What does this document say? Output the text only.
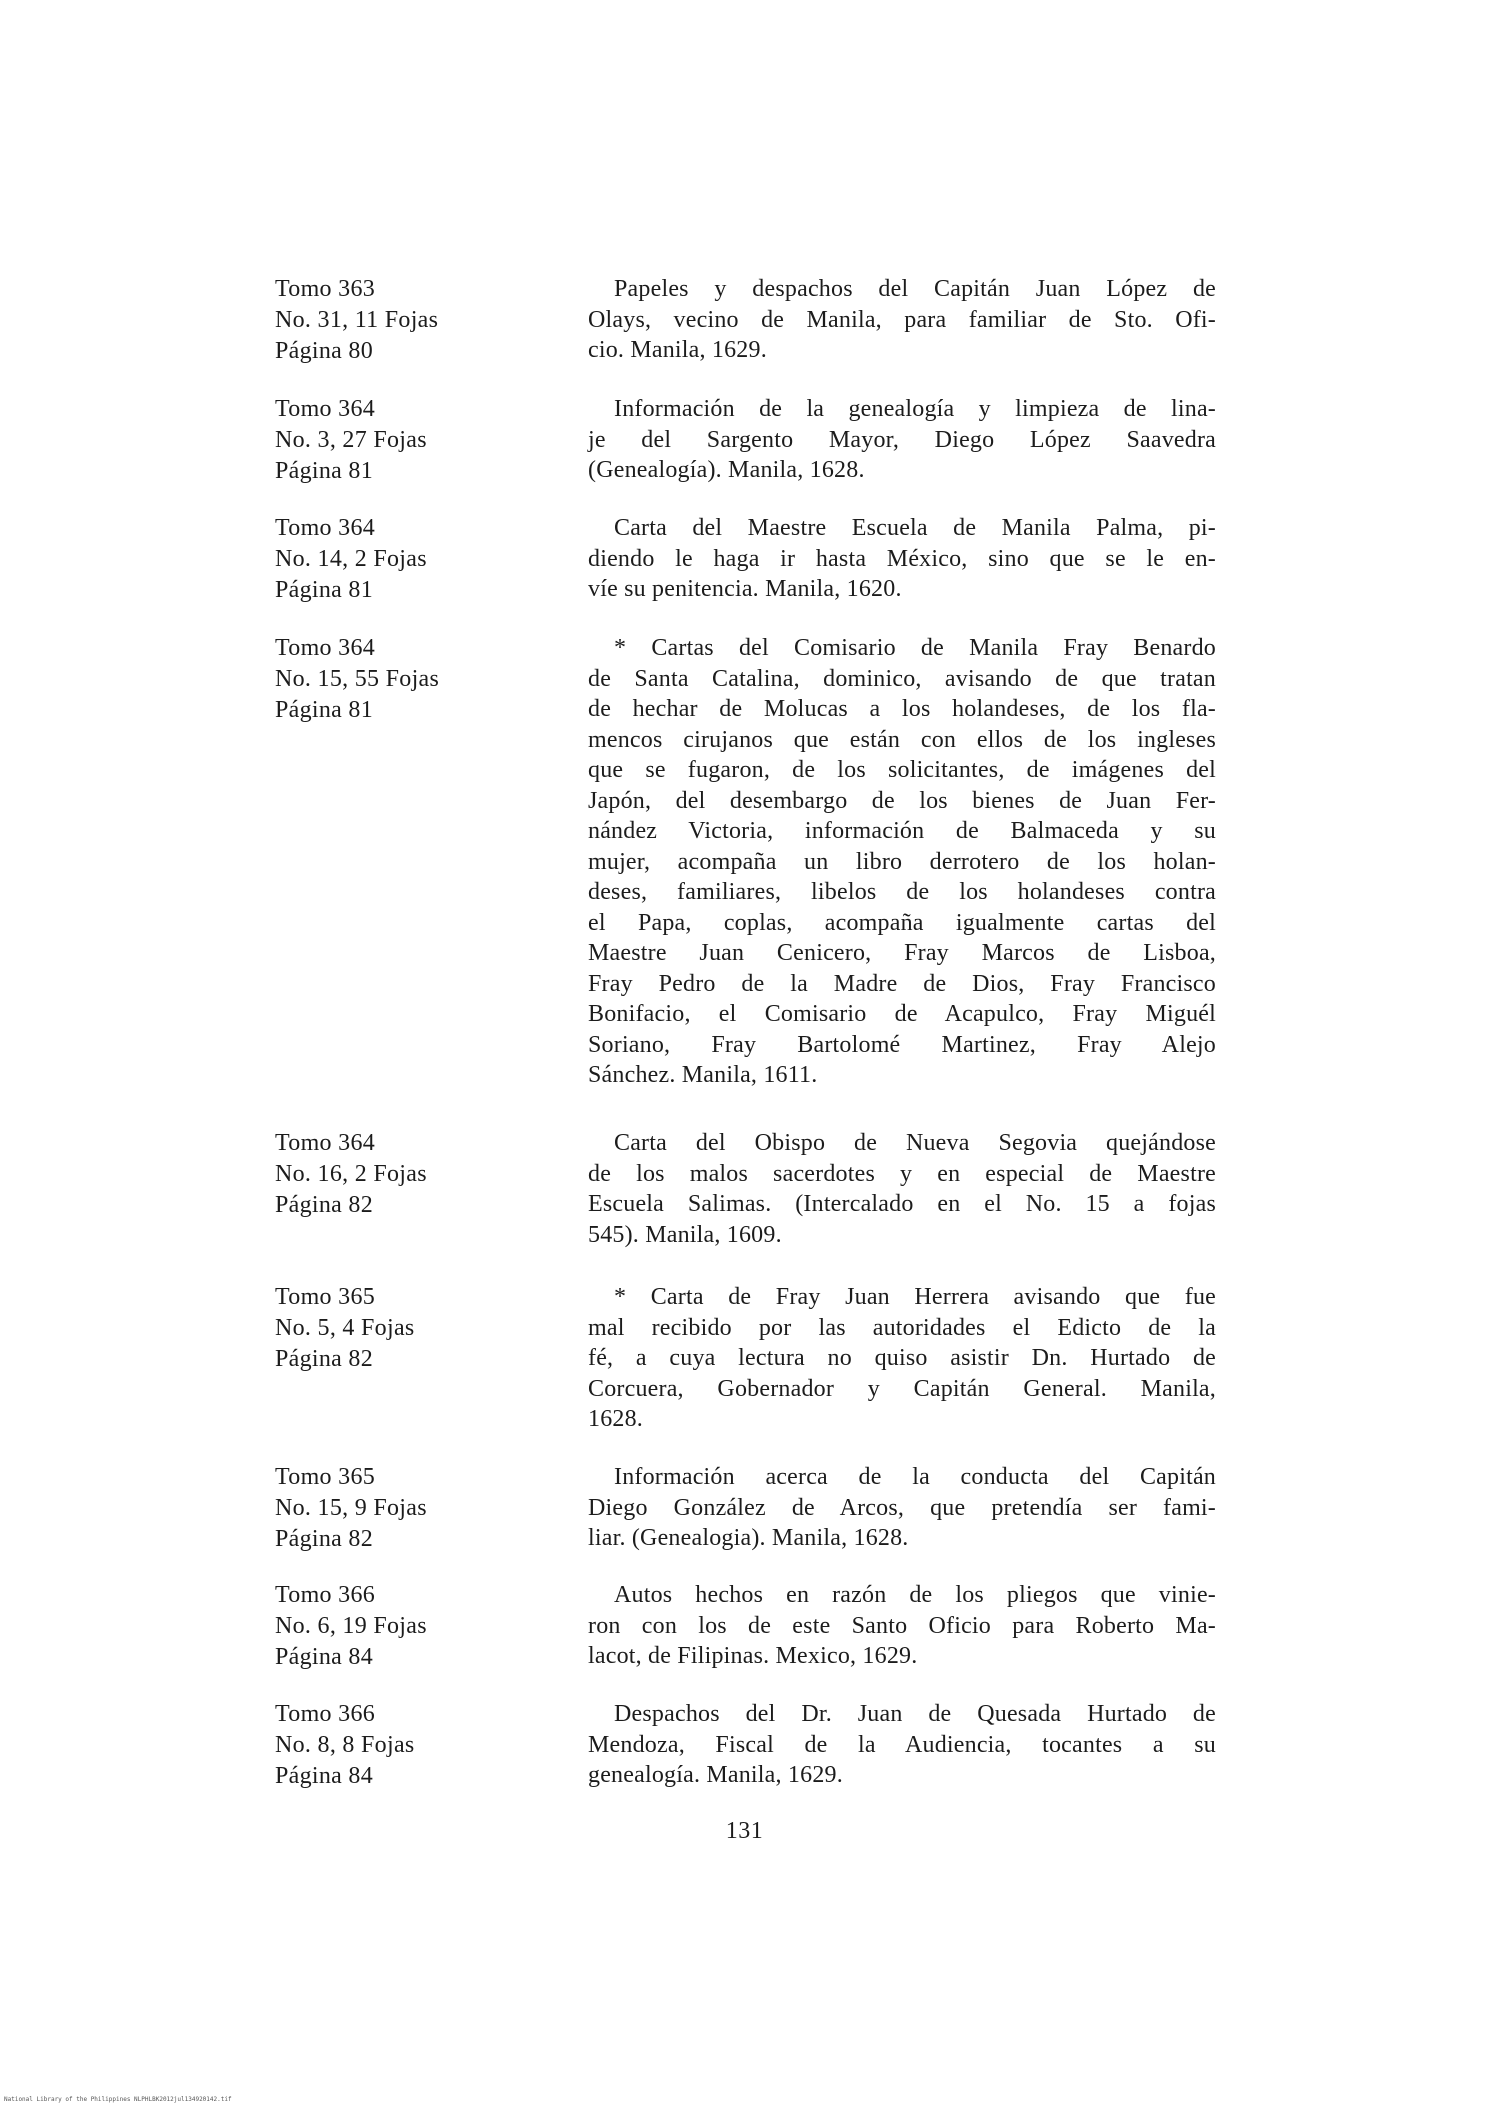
Tomo 363
No. 31, 11 Fojas
Página 80
Papeles y despachos del Capitán Juan López de
Olays, vecino de Manila, para familiar de Sto. Ofi-
cio. Manila, 1629.
Tomo 364
No. 3, 27 Fojas
Página 81
Información de la genealogía y limpieza de lina-
je del Sargento Mayor, Diego López Saavedra
(Genealogía). Manila, 1628.
Tomo 364
No. 14, 2 Fojas
Página 81
Carta del Maestre Escuela de Manila Palma, pi-
diendo le haga ir hasta México, sino que se le en-
víe su penitencia. Manila, 1620.
Tomo 364
No. 15, 55 Fojas
Página 81
* Cartas del Comisario de Manila Fray Benardo
de Santa Catalina, dominico, avisando de que tratan
de hechar de Molucas a los holandeses, de los fla-
mencos cirujanos que están con ellos de los ingleses
que se fugaron, de los solicitantes, de imágenes del
Japón, del desembargo de los bienes de Juan Fer-
nández Victoria, información de Balmaceda y su
mujer, acompaña un libro derrotero de los holan-
deses, familiares, libelos de los holandeses contra
el Papa, coplas, acompaña igualmente cartas del
Maestre Juan Cenicero, Fray Marcos de Lisboa,
Fray Pedro de la Madre de Dios, Fray Francisco
Bonifacio, el Comisario de Acapulco, Fray Miguél
Soriano, Fray Bartolomé Martinez, Fray Alejo
Sánchez. Manila, 1611.
Tomo 364
No. 16, 2 Fojas
Página 82
Carta del Obispo de Nueva Segovia quejándose
de los malos sacerdotes y en especial de Maestre
Escuela Salimas. (Intercalado en el No. 15 a fojas
545). Manila, 1609.
Tomo 365
No. 5, 4 Fojas
Página 82
* Carta de Fray Juan Herrera avisando que fue
mal recibido por las autoridades el Edicto de la
fé, a cuya lectura no quiso asistir Dn. Hurtado de
Corcuera, Gobernador y Capitán General. Manila,
1628.
Tomo 365
No. 15, 9 Fojas
Página 82
Información acerca de la conducta del Capitán
Diego González de Arcos, que pretendía ser fami-
liar. (Genealogia). Manila, 1628.
Tomo 366
No. 6, 19 Fojas
Página 84
Autos hechos en razón de los pliegos que vinie-
ron con los de este Santo Oficio para Roberto Ma-
lacot, de Filipinas. Mexico, 1629.
Tomo 366
No. 8, 8 Fojas
Página 84
Despachos del Dr. Juan de Quesada Hurtado de
Mendoza, Fiscal de la Audiencia, tocantes a su
genealogía. Manila, 1629.
131
National Library of the Philippines NLPHLBK2012jul134920142.tif
